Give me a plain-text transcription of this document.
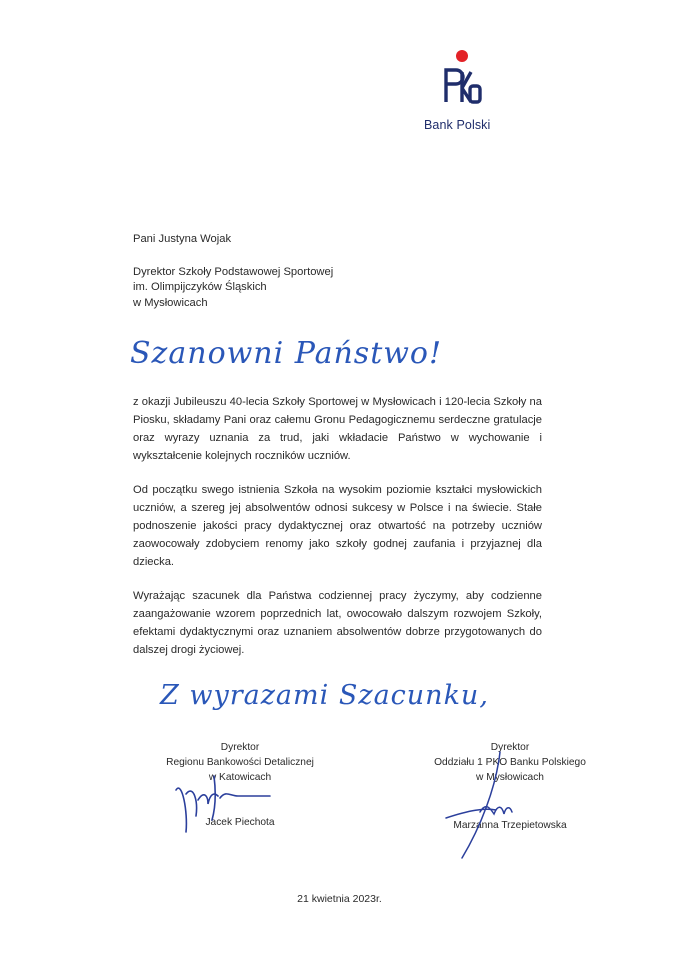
Bank Polski
Pani Justyna Wojak
Dyrektor Szkoły Podstawowej Sportowej
im. Olimpijczyków Śląskich
w Mysłowicach
Szanowni Państwo!

z okazji Jubileuszu 40-lecia Szkoły Sportowej w Mysłowicach i 120-lecia Szkoły na Piosku, składamy Pani oraz całemu Gronu Pedagogicznemu serdeczne gratulacje oraz wyrazy uznania za trud, jaki wkładacie Państwo w wychowanie i wykształcenie kolejnych roczników uczniów.

Od początku swego istnienia Szkoła na wysokim poziomie kształci mysłowickich uczniów, a szereg jej absolwentów odnosi sukcesy w Polsce i na świecie. Stałe podnoszenie jakości pracy dydaktycznej oraz otwartość na potrzeby uczniów zaowocowały zdobyciem renomy jako szkoły godnej zaufania i przyjaznej dla dziecka.

Wyrażając szacunek dla Państwa codziennej pracy życzymy, aby codzienne zaangażowanie wzorem poprzednich lat, owocowało dalszym rozwojem Szkoły, efektami dydaktycznymi oraz uznaniem absolwentów dobrze przygotowanych do dalszej drogi życiowej.

Z wyrazami Szacunku,
Dyrektor
Regionu Bankowości Detalicznej
w Katowicach
Jacek Piechota
Dyrektor
Oddziału 1 PKO Banku Polskiego
w Mysłowicach
Marzanna Trzepietowska
21 kwietnia 2023r.
